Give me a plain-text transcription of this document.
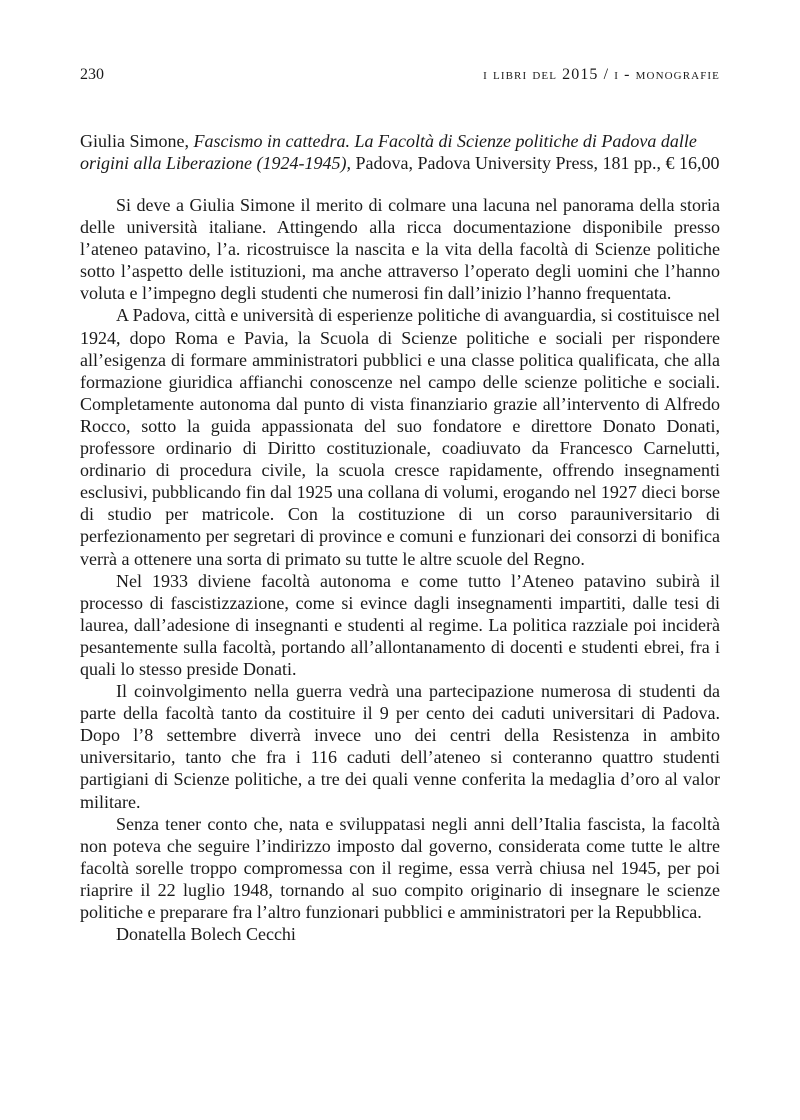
230	i libri del 2015 / i - monografie

Giulia Simone, Fascismo in cattedra. La Facoltà di Scienze politiche di Padova dalle origini alla Liberazione (1924-1945), Padova, Padova University Press, 181 pp., € 16,00

Si deve a Giulia Simone il merito di colmare una lacuna nel panorama della storia delle università italiane. Attingendo alla ricca documentazione disponibile presso l’ateneo patavino, l’a. ricostruisce la nascita e la vita della facoltà di Scienze politiche sotto l’aspetto delle istituzioni, ma anche attraverso l’operato degli uomini che l’hanno voluta e l’impegno degli studenti che numerosi fin dall’inizio l’hanno frequentata.

A Padova, città e università di esperienze politiche di avanguardia, si costituisce nel 1924, dopo Roma e Pavia, la Scuola di Scienze politiche e sociali per rispondere all’esigenza di formare amministratori pubblici e una classe politica qualificata, che alla formazione giuridica affianchi conoscenze nel campo delle scienze politiche e sociali. Completamente autonoma dal punto di vista finanziario grazie all’intervento di Alfredo Rocco, sotto la guida appassionata del suo fondatore e direttore Donato Donati, professore ordinario di Diritto costituzionale, coadiuvato da Francesco Carnelutti, ordinario di procedura civile, la scuola cresce rapidamente, offrendo insegnamenti esclusivi, pubblicando fin dal 1925 una collana di volumi, erogando nel 1927 dieci borse di studio per matricole. Con la costituzione di un corso parauniversitario di perfezionamento per segretari di province e comuni e funzionari dei consorzi di bonifica verrà a ottenere una sorta di primato su tutte le altre scuole del Regno.

Nel 1933 diviene facoltà autonoma e come tutto l’Ateneo patavino subirà il processo di fascistizzazione, come si evince dagli insegnamenti impartiti, dalle tesi di laurea, dall’adesione di insegnanti e studenti al regime. La politica razziale poi inciderà pesantemente sulla facoltà, portando all’allontanamento di docenti e studenti ebrei, fra i quali lo stesso preside Donati.

Il coinvolgimento nella guerra vedrà una partecipazione numerosa di studenti da parte della facoltà tanto da costituire il 9 per cento dei caduti universitari di Padova. Dopo l’8 settembre diverrà invece uno dei centri della Resistenza in ambito universitario, tanto che fra i 116 caduti dell’ateneo si conteranno quattro studenti partigiani di Scienze politiche, a tre dei quali venne conferita la medaglia d’oro al valor militare.

Senza tener conto che, nata e sviluppatasi negli anni dell’Italia fascista, la facoltà non poteva che seguire l’indirizzo imposto dal governo, considerata come tutte le altre facoltà sorelle troppo compromessa con il regime, essa verrà chiusa nel 1945, per poi riaprire il 22 luglio 1948, tornando al suo compito originario di insegnare le scienze politiche e preparare fra l’altro funzionari pubblici e amministratori per la Repubblica.

Donatella Bolech Cecchi
